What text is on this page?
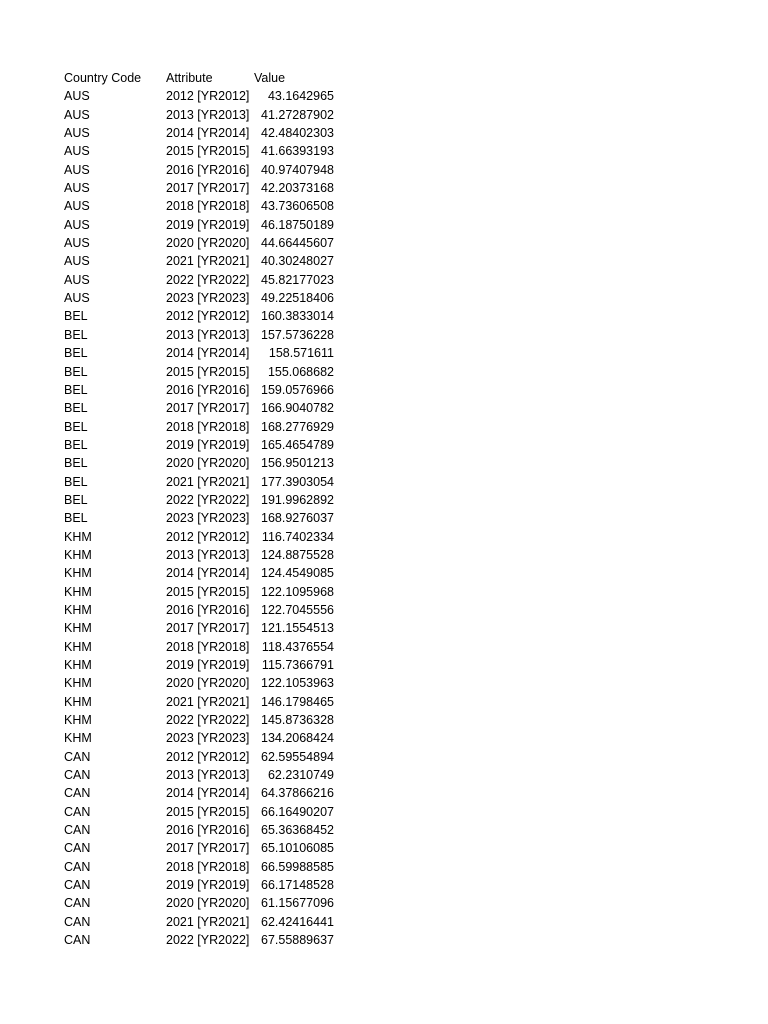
Country Code	Attribute	Value
AUS	2012 [YR2012]	43.1642965
AUS	2013 [YR2013] 41.27287902
AUS	2014 [YR2014] 42.48402303
AUS	2015 [YR2015] 41.66393193
AUS	2016 [YR2016] 40.97407948
AUS	2017 [YR2017] 42.20373168
AUS	2018 [YR2018] 43.73606508
AUS	2019 [YR2019] 46.18750189
AUS	2020 [YR2020] 44.66445607
AUS	2021 [YR2021] 40.30248027
AUS	2022 [YR2022] 45.82177023
AUS	2023 [YR2023] 49.22518406
BEL	2012 [YR2012] 160.3833014
BEL	2013 [YR2013] 157.5736228
BEL	2014 [YR2014]	158.571611
BEL	2015 [YR2015]	155.068682
BEL	2016 [YR2016] 159.0576966
BEL	2017 [YR2017] 166.9040782
BEL	2018 [YR2018] 168.2776929
BEL	2019 [YR2019] 165.4654789
BEL	2020 [YR2020] 156.9501213
BEL	2021 [YR2021] 177.3903054
BEL	2022 [YR2022] 191.9962892
BEL	2023 [YR2023] 168.9276037
KHM	2012 [YR2012]	116.7402334
KHM	2013 [YR2013] 124.8875528
KHM	2014 [YR2014] 124.4549085
KHM	2015 [YR2015] 122.1095968
KHM	2016 [YR2016] 122.7045556
KHM	2017 [YR2017] 121.1554513
KHM	2018 [YR2018]	118.4376554
KHM	2019 [YR2019]	115.7366791
KHM	2020 [YR2020] 122.1053963
KHM	2021 [YR2021] 146.1798465
KHM	2022 [YR2022] 145.8736328
KHM	2023 [YR2023] 134.2068424
CAN	2012 [YR2012] 62.59554894
CAN	2013 [YR2013]	62.2310749
CAN	2014 [YR2014] 64.37866216
CAN	2015 [YR2015] 66.16490207
CAN	2016 [YR2016] 65.36368452
CAN	2017 [YR2017] 65.10106085
CAN	2018 [YR2018] 66.59988585
CAN	2019 [YR2019] 66.17148528
CAN	2020 [YR2020] 61.15677096
CAN	2021 [YR2021] 62.42416441
CAN	2022 [YR2022] 67.55889637
